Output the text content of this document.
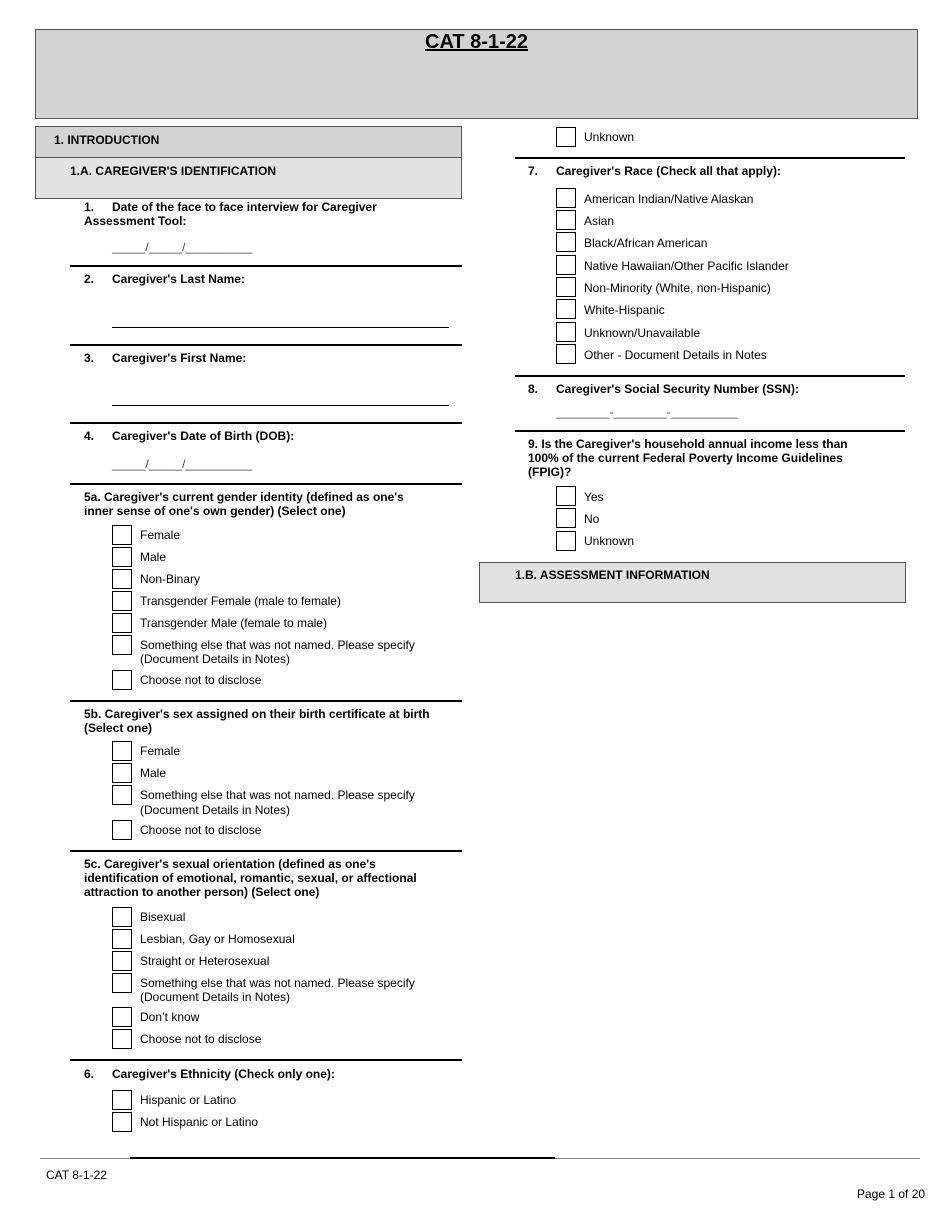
CAT 8-1-22
1. INTRODUCTION
1.A. CAREGIVER'S IDENTIFICATION
1. Date of the face to face interview for Caregiver
Assessment Tool:
_____/_____/__________
2. Caregiver's Last Name:
3. Caregiver's First Name:
4. Caregiver's Date of Birth (DOB):
_____/_____/__________
5a. Caregiver's current gender identity (defined as one's
inner sense of one's own gender) (Select one)
Female
Male
Non-Binary
Transgender Female (male to female)
Transgender Male (female to male)
Something else that was not named. Please specify
(Document Details in Notes)
Choose not to disclose
5b. Caregiver's sex assigned on their birth certificate at birth
(Select one)
Female
Male
Something else that was not named. Please specify
(Document Details in Notes)
Choose not to disclose
5c. Caregiver's sexual orientation (defined as one's
identification of emotional, romantic, sexual, or affectional
attraction to another person) (Select one)
Bisexual
Lesbian, Gay or Homosexual
Straight or Heterosexual
Something else that was not named. Please specify
(Document Details in Notes)
Don’t know
Choose not to disclose
6. Caregiver's Ethnicity (Check only one):
Hispanic or Latino
Not Hispanic or Latino
Unknown
7. Caregiver's Race (Check all that apply):
American Indian/Native Alaskan
Asian
Black/African American
Native Hawaiian/Other Pacific Islander
Non-Minority (White, non-Hispanic)
White-Hispanic
Unknown/Unavailable
Other - Document Details in Notes
8. Caregiver's Social Security Number (SSN):
________-________-__________
9. Is the Caregiver's household annual income less than
100% of the current Federal Poverty Income Guidelines
(FPIG)?
Yes
No
Unknown
1.B. ASSESSMENT INFORMATION
CAT 8-1-22
Page 1 of 20
